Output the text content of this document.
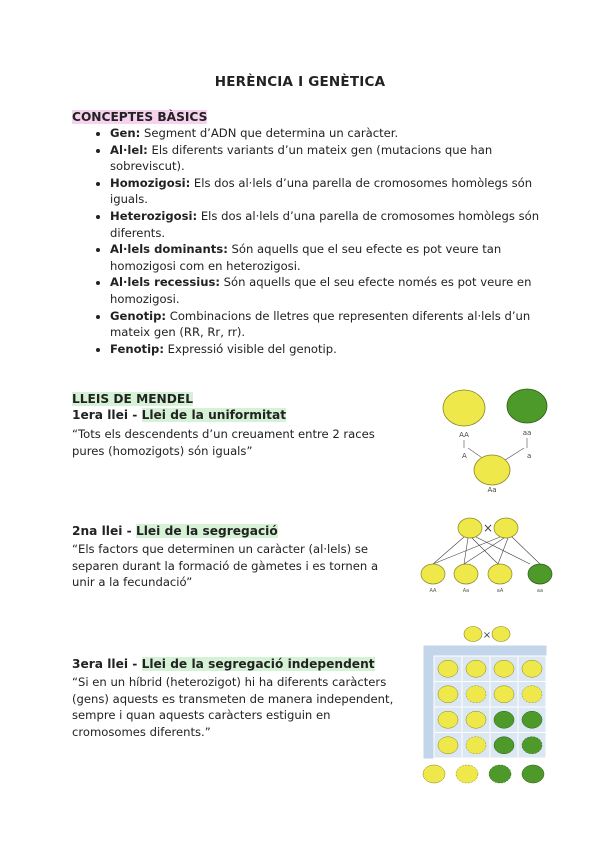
HERÈNCIA I GENÈTICA
CONCEPTES BÀSICS
• Gen: Segment d’ADN que determina un caràcter.
• Al·lel: Els diferents variants d’un mateix gen (mutacions que han sobreviscut).
• Homozigosi: Els dos al·lels d’una parella de cromosomes homòlegs són iguals.
• Heterozigosi: Els dos al·lels d’una parella de cromosomes homòlegs són diferents.
• Al·lels dominants: Són aquells que el seu efecte es pot veure tan homozigosi com en heterozigosi.
• Al·lels recessius: Són aquells que el seu efecte només es pot veure en homozigosi.
• Genotip: Combinacions de lletres que representen diferents al·lels d’un mateix gen (RR, Rr, rr).
• Fenotip: Expressió visible del genotip.
LLEIS DE MENDEL
1era llei - Llei de la uniformitat
“Tots els descendents d’un creuament entre 2 races pures (homozigots) són iguals”
AA	aa
A	a
Aa
2na llei - Llei de la segregació
“Els factors que determinen un caràcter (al·lels) se separen durant la formació de gàmetes i es tornen a unir a la fecundació”
×
AA	Aa	aA	aa
3era llei - Llei de la segregació independent
“Si en un híbrid (heterozigot) hi ha diferents caràcters (gens) aquests es transmeten de manera independent, sempre i quan aquests caràcters estiguin en cromosomes diferents.”
×
